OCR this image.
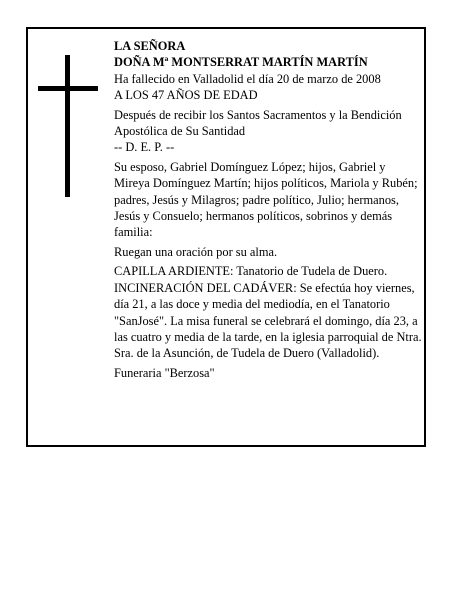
LA SEÑORA

DOÑA Mª MONTSERRAT MARTÍN MARTÍN

Ha fallecido en Valladolid el día 20 de marzo de 2008

A LOS 47 AÑOS DE EDAD

Después de recibir los Santos Sacramentos y la Bendición Apostólica de Su Santidad

-- D. E. P. --

Su esposo, Gabriel Domínguez López; hijos, Gabriel y Mireya Domínguez Martín; hijos políticos, Mariola y Rubén; padres, Jesús y Milagros; padre político, Julio; hermanos, Jesús y Consuelo; hermanos políticos, sobrinos y demás familia:

Ruegan una oración por su alma.

CAPILLA ARDIENTE: Tanatorio de Tudela de Duero.

INCINERACIÓN DEL CADÁVER: Se efectúa hoy viernes, día 21, a las doce y media del mediodía, en el Tanatorio "SanJosé". La misa funeral se celebrará el domingo, día 23, a las cuatro y media de la tarde, en la iglesia parroquial de Ntra. Sra. de la Asunción, de Tudela de Duero (Valladolid).

Funeraria "Berzosa"
